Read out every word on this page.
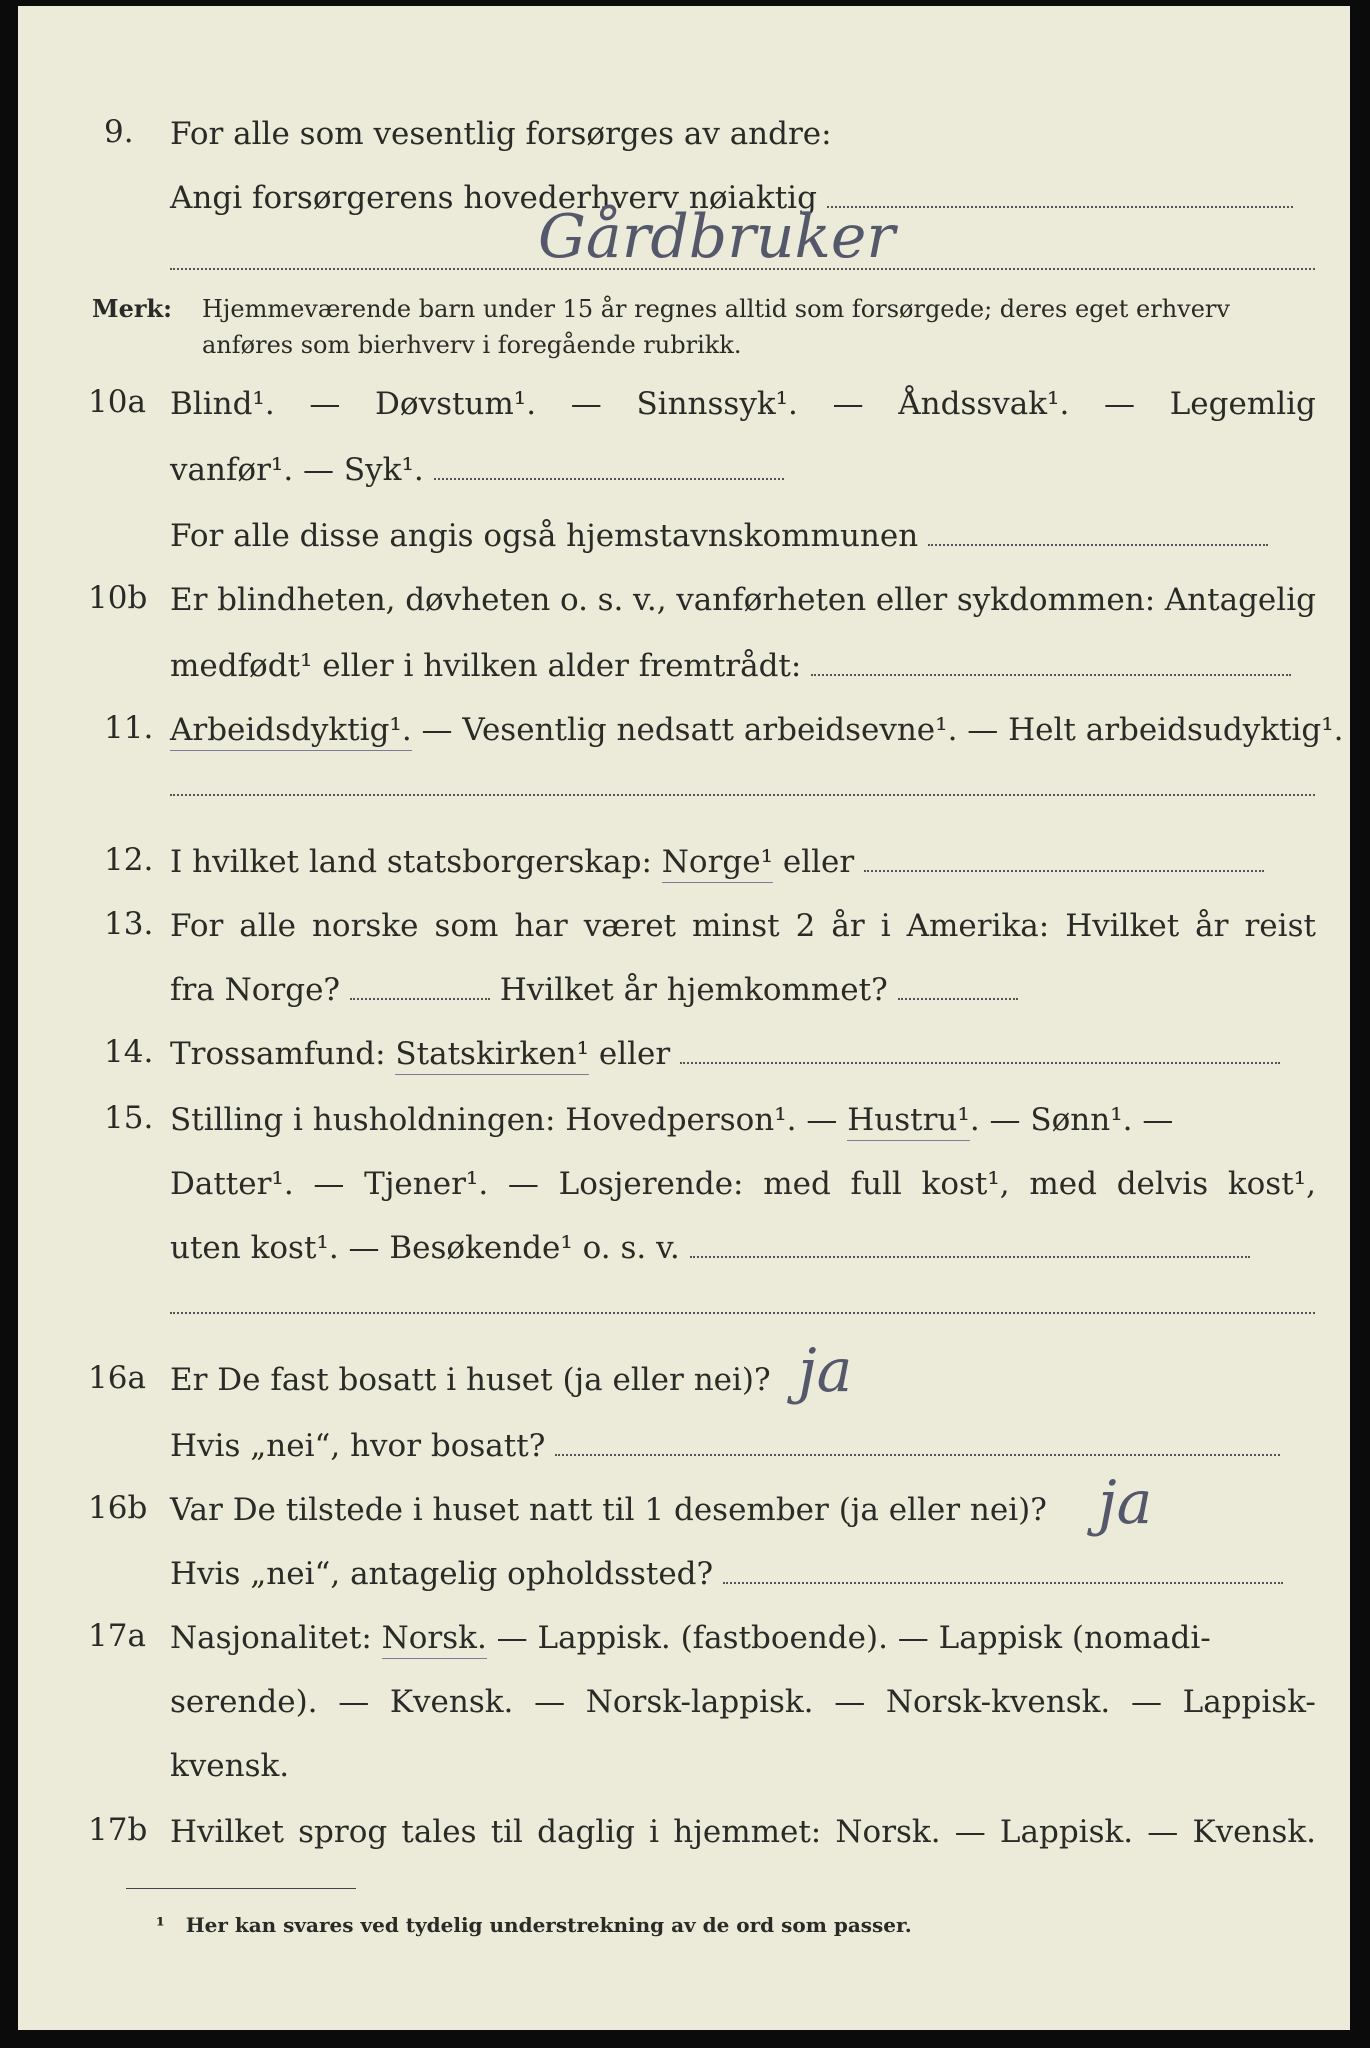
9. For alle som vesentlig forsørges av andre:
Angi forsørgerens hovederhverv nøiaktig
Gårdbruker
Merk: Hjemmeværende barn under 15 år regnes alltid som forsørgede; deres eget erhverv
anføres som bierhverv i foregående rubrikk.
10a Blind¹. — Døvstum¹. — Sinnssyk¹. — Åndssvak¹. — Legemlig
vanfør¹. — Syk¹.
For alle disse angis også hjemstavnskommunen
10b Er blindheten, døvheten o. s. v., vanførheten eller sykdommen: Antagelig
medfødt¹ eller i hvilken alder fremtrådt:
11. Arbeidsdyktig¹. — Vesentlig nedsatt arbeidsevne¹. — Helt arbeidsudyktig¹.
12. I hvilket land statsborgerskap: Norge¹ eller
13. For alle norske som har været minst 2 år i Amerika: Hvilket år reist
fra Norge?	Hvilket år hjemkommet?
14. Trossamfund: Statskirken¹ eller
15. Stilling i husholdningen: Hovedperson¹. — Hustru¹. — Sønn¹. —
Datter¹. — Tjener¹. — Losjerende: med full kost¹, med delvis kost¹,
uten kost¹. — Besøkende¹ o. s. v.
16a Er De fast bosatt i huset (ja eller nei)? ja
Hvis „nei“, hvor bosatt?
16b Var De tilstede i huset natt til 1 desember (ja eller nei)? ja
Hvis „nei“, antagelig opholdssted?
17a Nasjonalitet: Norsk. — Lappisk. (fastboende). — Lappisk (nomadi-
serende). — Kvensk. — Norsk-lappisk. — Norsk-kvensk. — Lappisk-
kvensk.
17b Hvilket sprog tales til daglig i hjemmet: Norsk. — Lappisk. — Kvensk.
¹ Her kan svares ved tydelig understrekning av de ord som passer.
